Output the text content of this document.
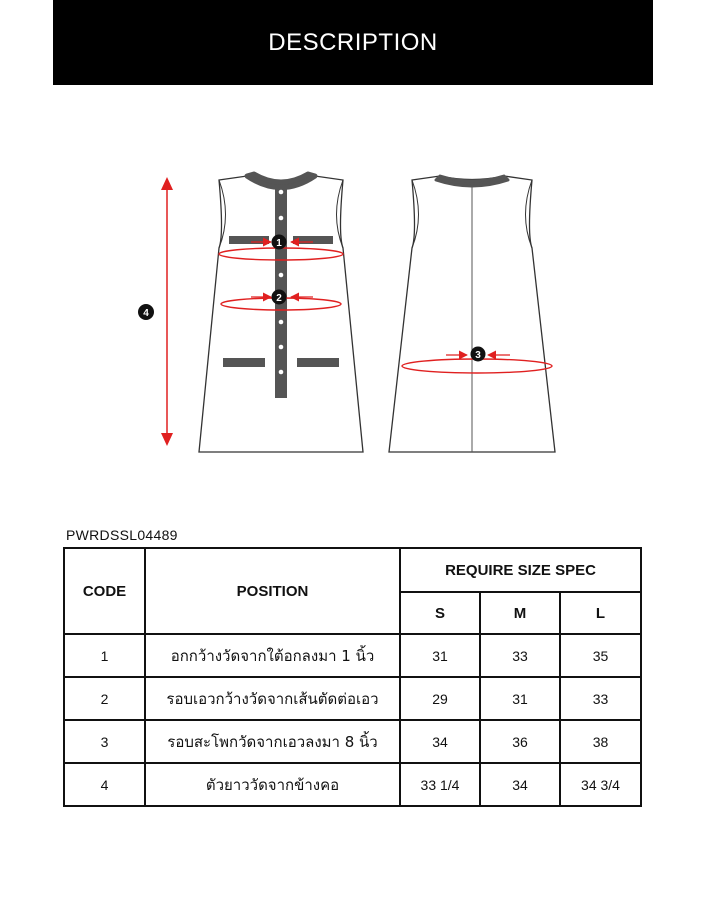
DESCRIPTION
1
2
3
4
PWRDSSL04489
CODE	POSITION	REQUIRE SIZE SPEC		
		S	M	L
1	อกกว้างวัดจากใต้อกลงมา 1 นิ้ว	31	33	35
2	รอบเอวกว้างวัดจากเส้นตัดต่อเอว	29	31	33
3	รอบสะโพกวัดจากเอวลงมา 8 นิ้ว	34	36	38
4	ตัวยาววัดจากข้างคอ	33 1/4	34	34 3/4
